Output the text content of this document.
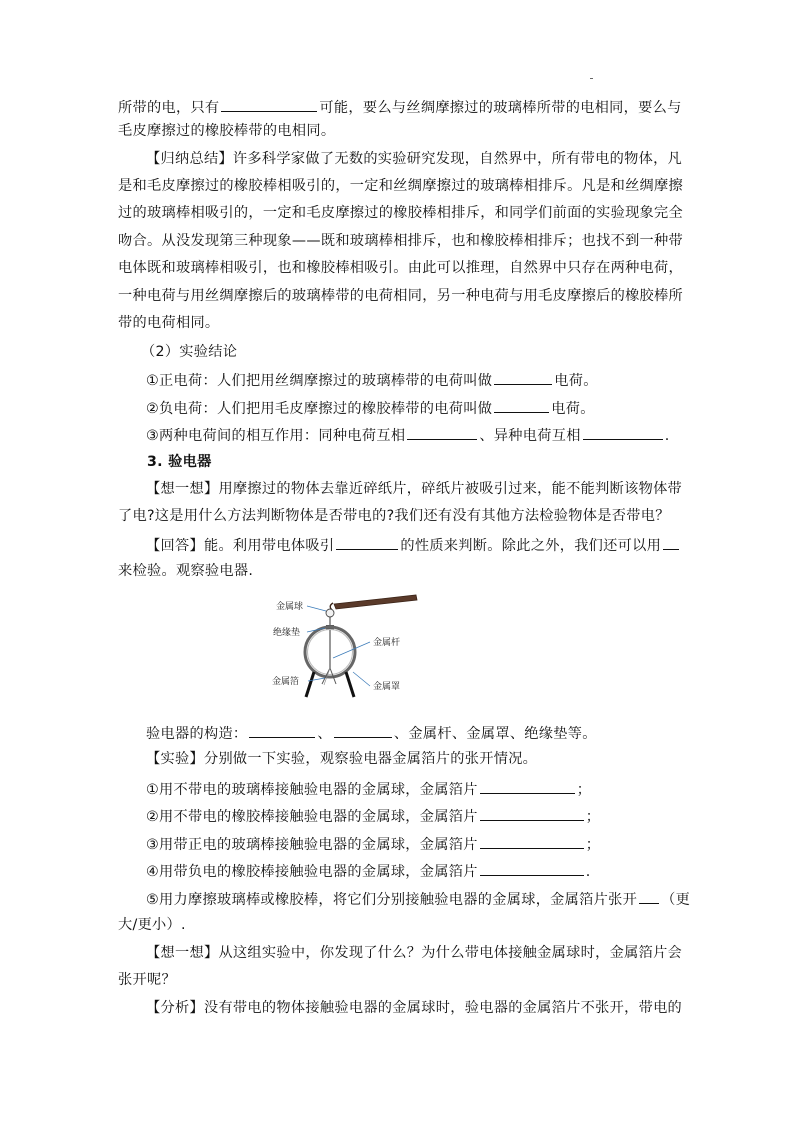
所带的电，只有	可能，要么与丝绸摩擦过的玻璃棒所带的电相同，要么与
毛皮摩擦过的橡胶棒带的电相同。
【归纳总结】许多科学家做了无数的实验研究发现，自然界中，所有带电的物体，凡
是和毛皮摩擦过的橡胶棒相吸引的，一定和丝绸摩擦过的玻璃棒相排斥。凡是和丝绸摩擦
过的玻璃棒相吸引的，一定和毛皮摩擦过的橡胶棒相排斥，和同学们前面的实验现象完全
吻合。从没发现第三种现象——既和玻璃棒相排斥，也和橡胶棒相排斥；也找不到一种带
电体既和玻璃棒相吸引，也和橡胶棒相吸引。由此可以推理，自然界中只存在两种电荷，
一种电荷与用丝绸摩擦后的玻璃棒带的电荷相同，另一种电荷与用毛皮摩擦后的橡胶棒所
带的电荷相同。
（2）实验结论
①正电荷：人们把用丝绸摩擦过的玻璃棒带的电荷叫做	电荷。
②负电荷：人们把用毛皮摩擦过的橡胶棒带的电荷叫做	电荷。
③两种电荷间的相互作用：同种电荷互相	、异种电荷互相	.
3. 验电器
【想一想】用摩擦过的物体去靠近碎纸片，碎纸片被吸引过来，能不能判断该物体带
了电?这是用什么方法判断物体是否带电的?我们还有没有其他方法检验物体是否带电？
【回答】能。利用带电体吸引	的性质来判断。除此之外，我们还可以用
来检验。观察验电器.
金属球
绝缘垫
金属杆
金属箔	金属罩
验电器的构造：	、	、金属杆、金属罩、绝缘垫等。
【实验】分别做一下实验，观察验电器金属箔片的张开情况。
①用不带电的玻璃棒接触验电器的金属球，金属箔片	；
②用不带电的橡胶棒接触验电器的金属球，金属箔片	；
③用带正电的玻璃棒接触验电器的金属球，金属箔片	；
④用带负电的橡胶棒接触验电器的金属球，金属箔片	.
⑤用力摩擦玻璃棒或橡胶棒，将它们分别接触验电器的金属球，金属箔片张开 （更
大/更小）.
【想一想】从这组实验中，你发现了什么？为什么带电体接触金属球时，金属箔片会
张开呢？
【分析】没有带电的物体接触验电器的金属球时，验电器的金属箔片不张开，带电的
